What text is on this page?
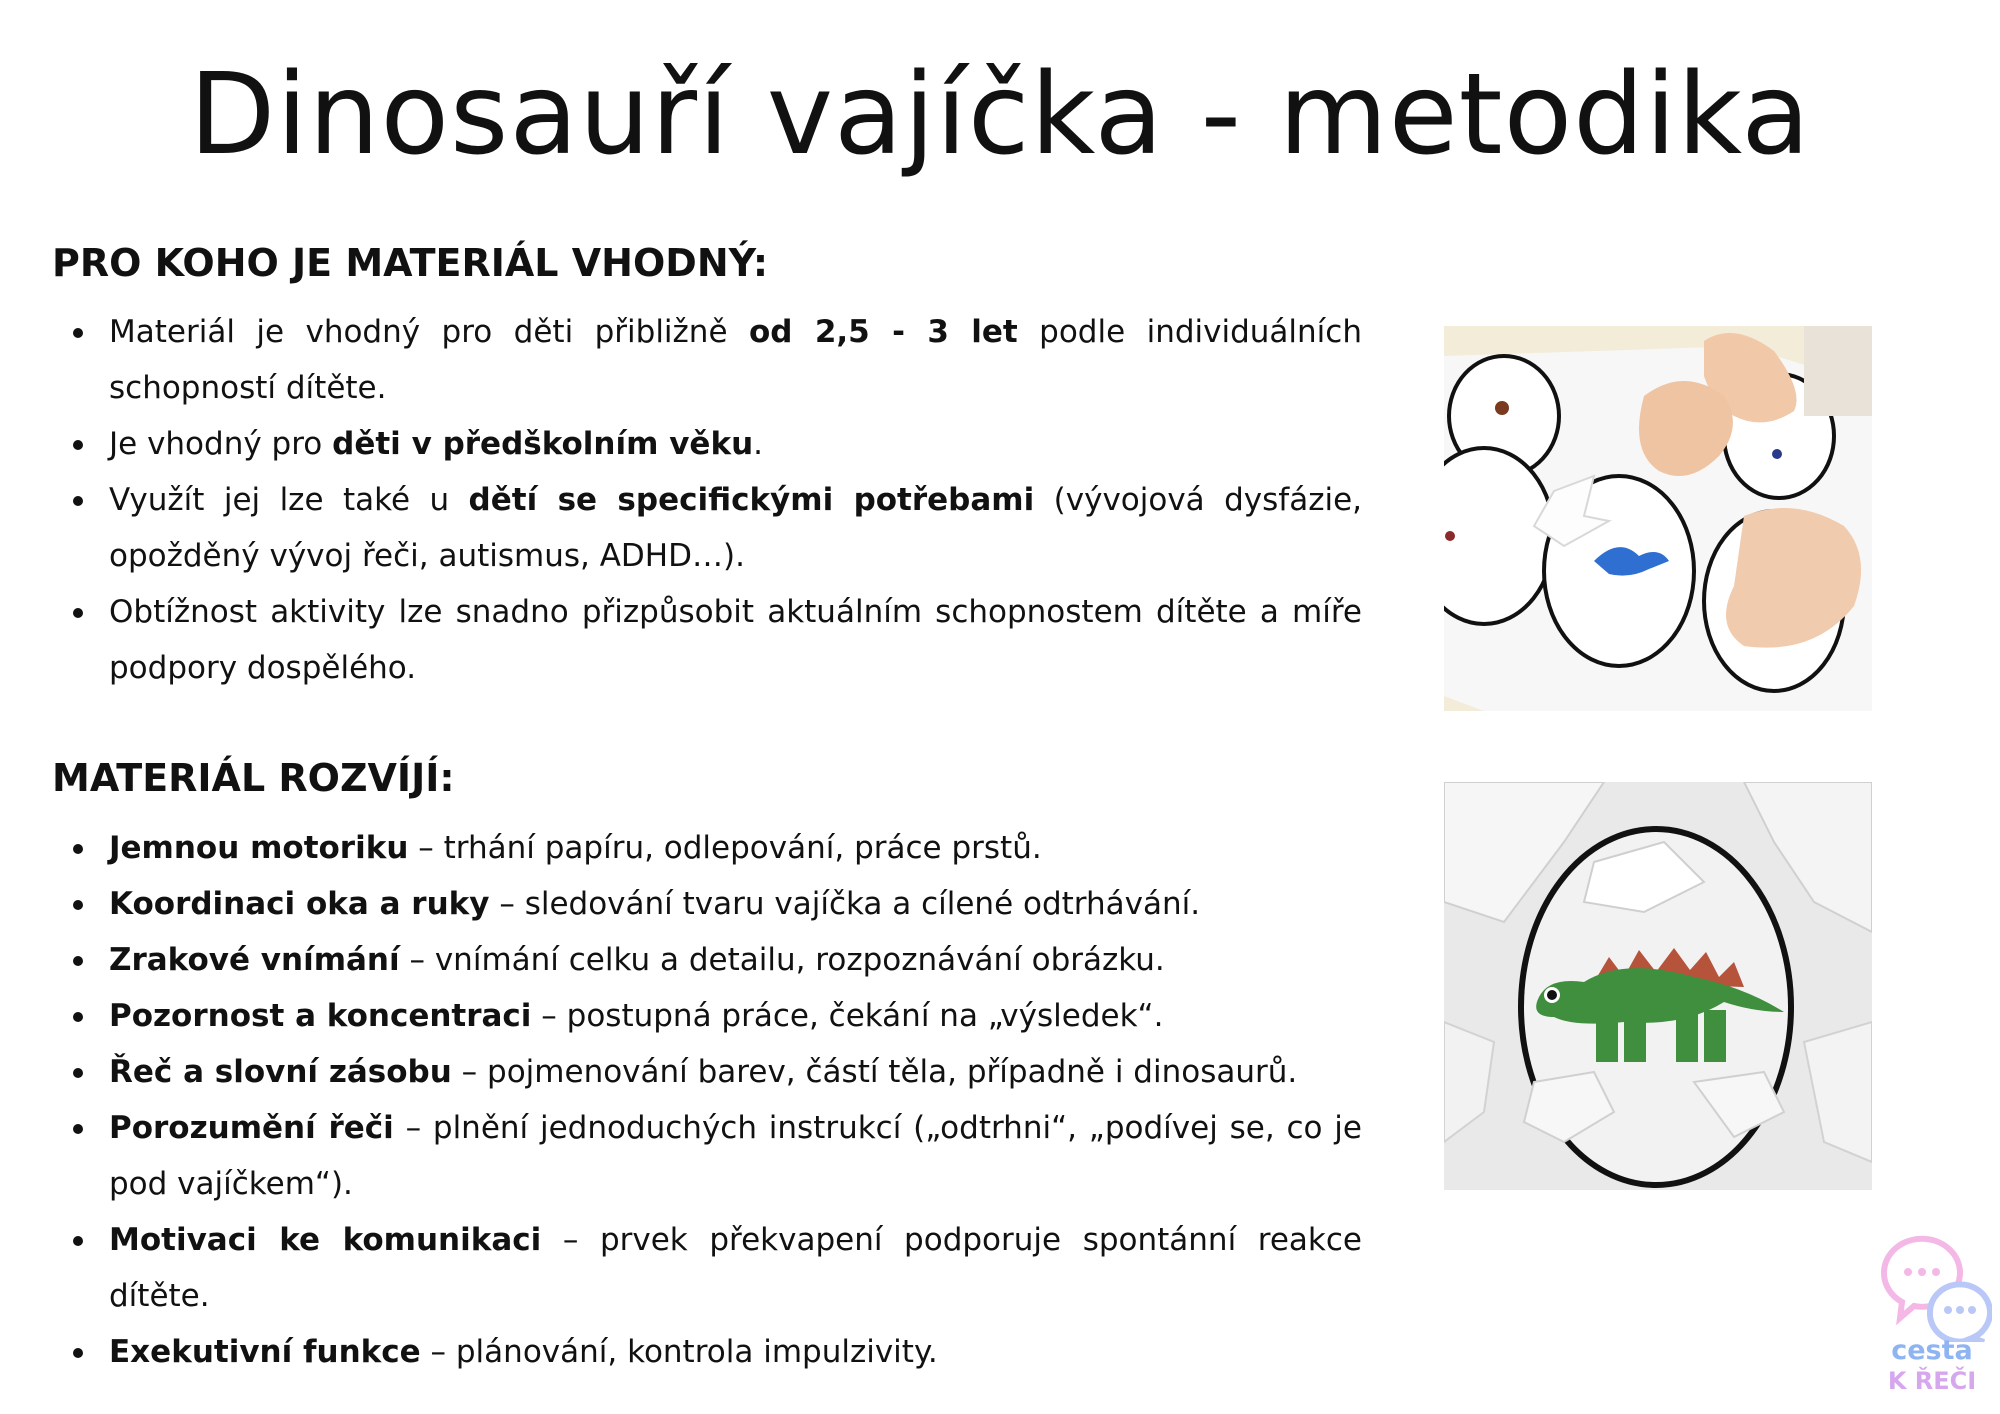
Dinosauří vajíčka - metodika
PRO KOHO JE MATERIÁL VHODNÝ:
Materiál je vhodný pro děti přibližně od 2,5 - 3 let podle individuálních schopností dítěte.
Je vhodný pro děti v předškolním věku.
Využít jej lze také u dětí se specifickými potřebami (vývojová dysfázie, opožděný vývoj řeči, autismus, ADHD…).
Obtížnost aktivity lze snadno přizpůsobit aktuálním schopnostem dítěte a míře podpory dospělého.
MATERIÁL ROZVÍJÍ:
Jemnou motoriku – trhání papíru, odlepování, práce prstů.
Koordinaci oka a ruky – sledování tvaru vajíčka a cílené odtrhávání.
Zrakové vnímání – vnímání celku a detailu, rozpoznávání obrázku.
Pozornost a koncentraci – postupná práce, čekání na „výsledek“.
Řeč a slovní zásobu – pojmenování barev, částí těla, případně i dinosaurů.
Porozumění řeči – plnění jednoduchých instrukcí („odtrhni“, „podívej se, co je pod vajíčkem“).
Motivaci ke komunikaci – prvek překvapení podporuje spontánní reakce dítěte.
Exekutivní funkce – plánování, kontrola impulzivity.	cesta
K ŘEČI
